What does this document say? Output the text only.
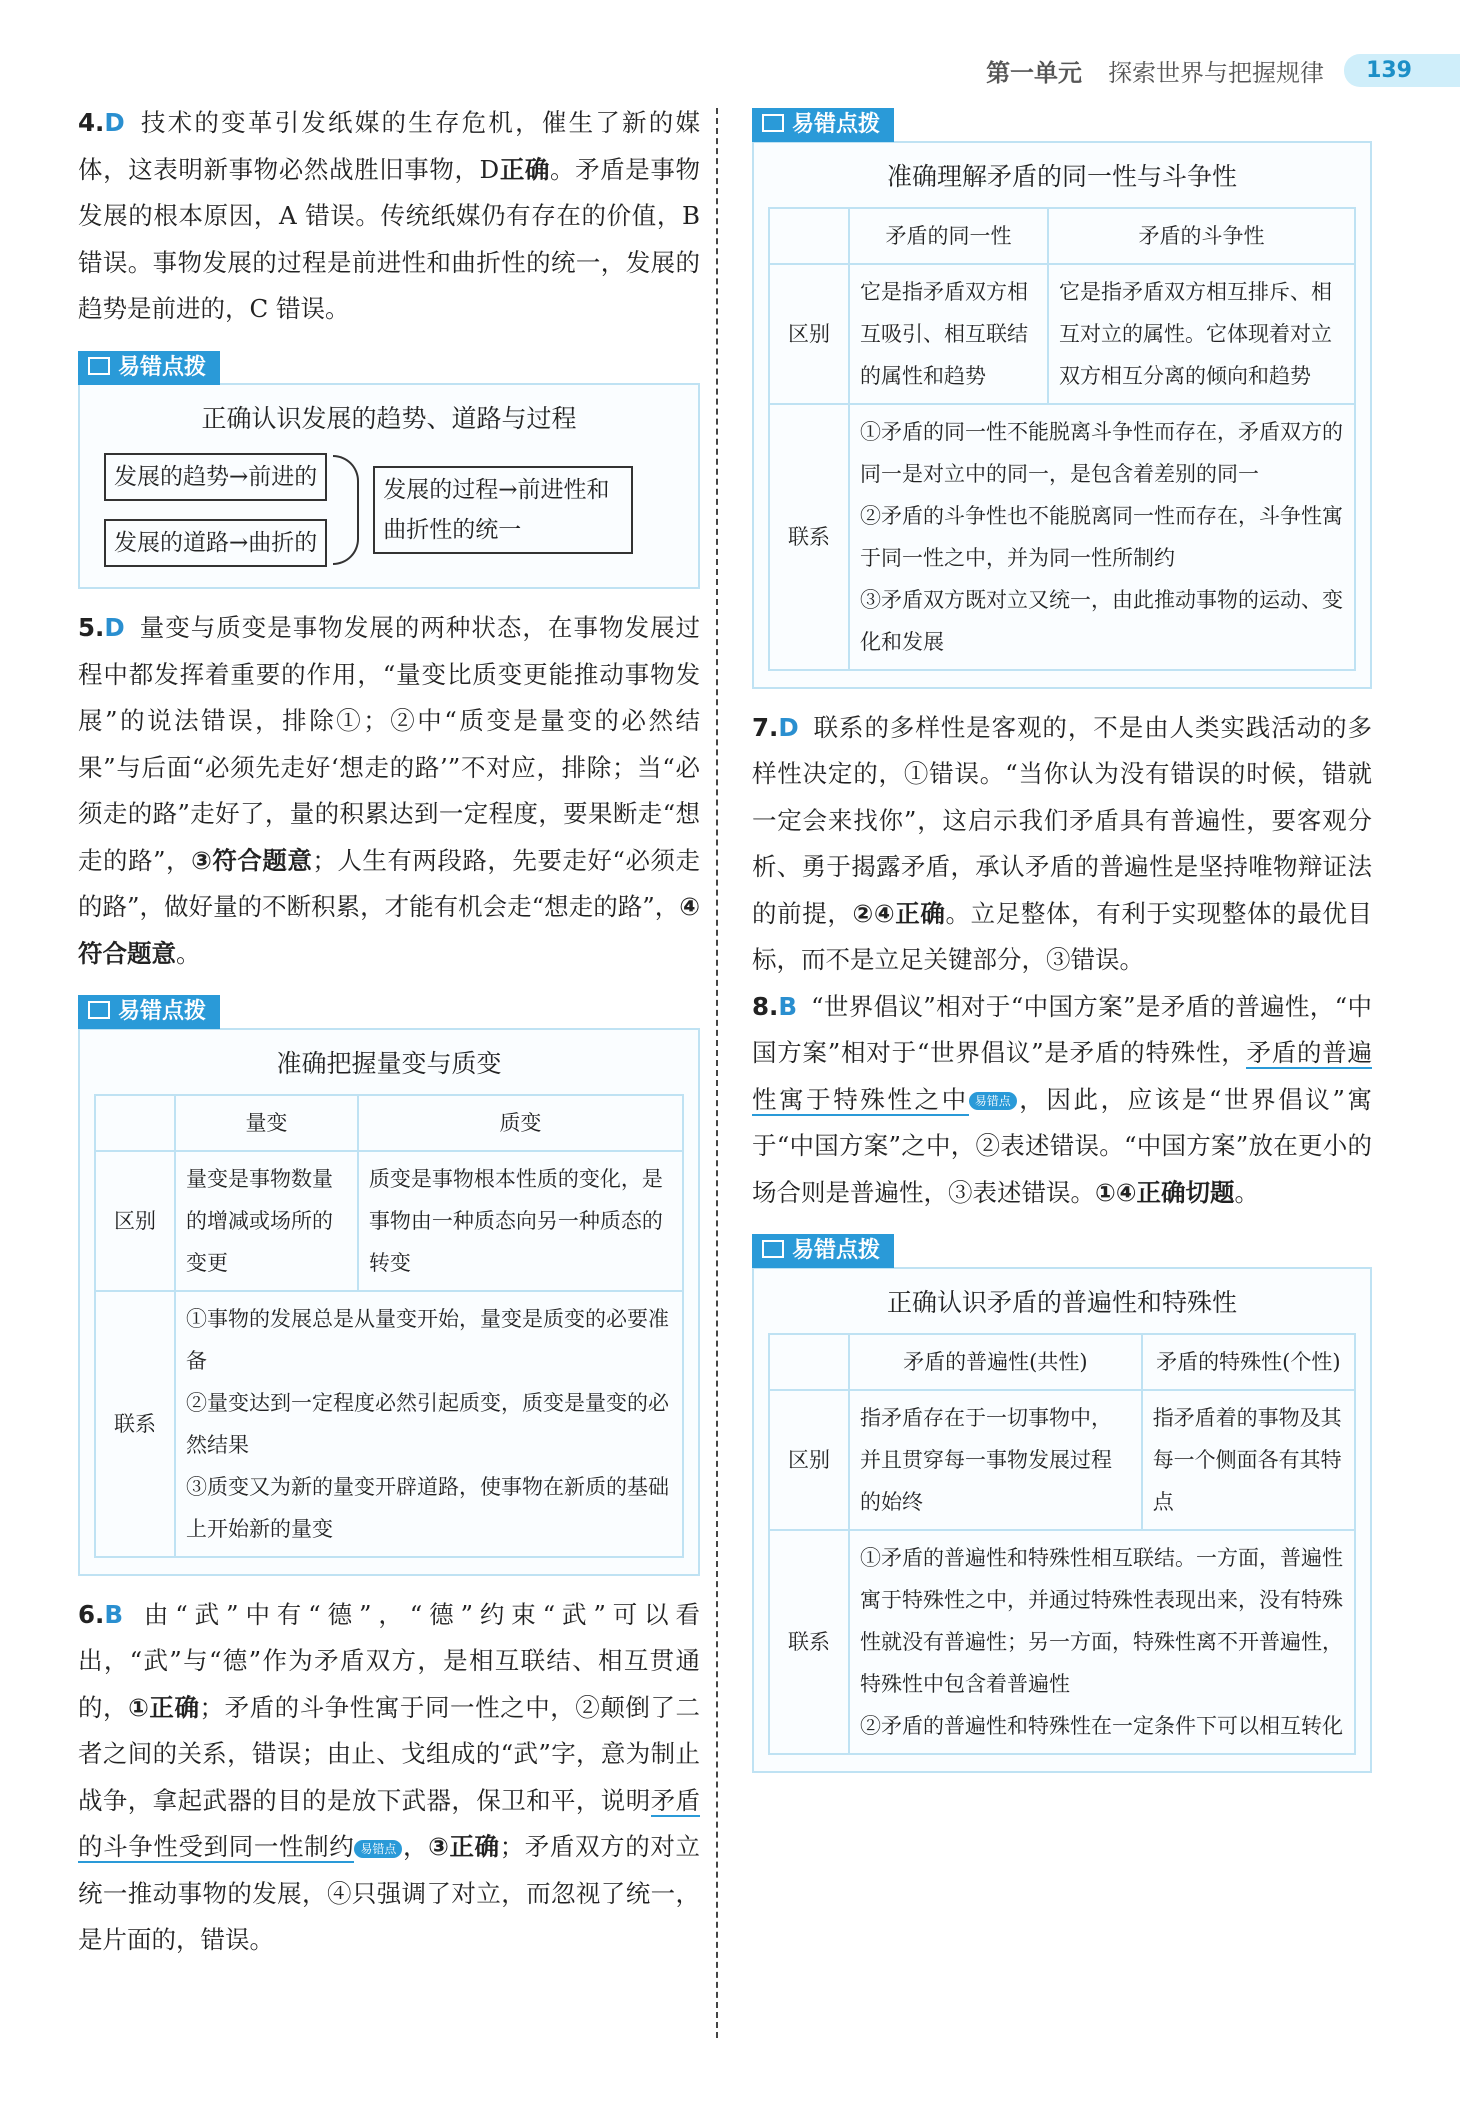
第一单元 探索世界与把握规律	139

4.D 技术的变革引发纸媒的生存危机，催生了新的媒体，这表明新事物必然战胜旧事物，D正确。矛盾是事物发展的根本原因，A 错误。传统纸媒仍有存在的价值，B 错误。事物发展的过程是前进性和曲折性的统一，发展的趋势是前进的，C 错误。

易错点拨
正确认识发展的趋势、道路与过程
发展的趋势→前进的
发展的道路→曲折的
发展的过程→前进性和曲折性的统一

5.D 量变与质变是事物发展的两种状态，在事物发展过程中都发挥着重要的作用，“量变比质变更能推动事物发展”的说法错误，排除①；②中“质变是量变的必然结果”与后面“必须先走好‘想走的路’”不对应，排除；当“必须走的路”走好了，量的积累达到一定程度，要果断走“想走的路”，③符合题意；人生有两段路，先要走好“必须走的路”，做好量的不断积累，才能有机会走“想走的路”，④符合题意。

易错点拨
准确把握量变与质变
	量变	质变
区别	量变是事物数量的增减或场所的变更	质变是事物根本性质的变化，是事物由一种质态向另一种质态的转变
联系	①事物的发展总是从量变开始，量变是质变的必要准备
②量变达到一定程度必然引起质变，质变是量变的必然结果
③质变又为新的量变开辟道路，使事物在新质的基础上开始新的量变	

6.B 由“武”中有“德”，“德”约束“武”可以看出，“武”与“德”作为矛盾双方，是相互联结、相互贯通的，①正确；矛盾的斗争性寓于同一性之中，②颠倒了二者之间的关系，错误；由止、戈组成的“武”字，意为制止战争，拿起武器的目的是放下武器，保卫和平，说明矛盾的斗争性受到同一性制约 易错点 ，③正确；矛盾双方的对立统一推动事物的发展，④只强调了对立，而忽视了统一，是片面的，错误。

易错点拨
准确理解矛盾的同一性与斗争性
	矛盾的同一性	矛盾的斗争性
区别	它是指矛盾双方相互吸引、相互联结的属性和趋势	它是指矛盾双方相互排斥、相互对立的属性。它体现着对立双方相互分离的倾向和趋势
联系	①矛盾的同一性不能脱离斗争性而存在，矛盾双方的同一是对立中的同一，是包含着差别的同一
②矛盾的斗争性也不能脱离同一性而存在，斗争性寓于同一性之中，并为同一性所制约
③矛盾双方既对立又统一，由此推动事物的运动、变化和发展	

7.D 联系的多样性是客观的，不是由人类实践活动的多样性决定的，①错误。“当你认为没有错误的时候，错就一定会来找你”，这启示我们矛盾具有普遍性，要客观分析、勇于揭露矛盾，承认矛盾的普遍性是坚持唯物辩证法的前提，②④正确。立足整体，有利于实现整体的最优目标，而不是立足关键部分，③错误。

8.B “世界倡议”相对于“中国方案”是矛盾的普遍性，“中国方案”相对于“世界倡议”是矛盾的特殊性，矛盾的普遍性寓于特殊性之中 易错点 ，因此，应该是“世界倡议”寓于“中国方案”之中，②表述错误。“中国方案”放在更小的场合则是普遍性，③表述错误。①④正确切题。

易错点拨
正确认识矛盾的普遍性和特殊性
	矛盾的普遍性(共性)	矛盾的特殊性(个性)
区别	指矛盾存在于一切事物中，并且贯穿每一事物发展过程的始终	指矛盾着的事物及其每一个侧面各有其特点
联系	①矛盾的普遍性和特殊性相互联结。一方面，普遍性寓于特殊性之中，并通过特殊性表现出来，没有特殊性就没有普遍性；另一方面，特殊性离不开普遍性，特殊性中包含着普遍性
②矛盾的普遍性和特殊性在一定条件下可以相互转化	
